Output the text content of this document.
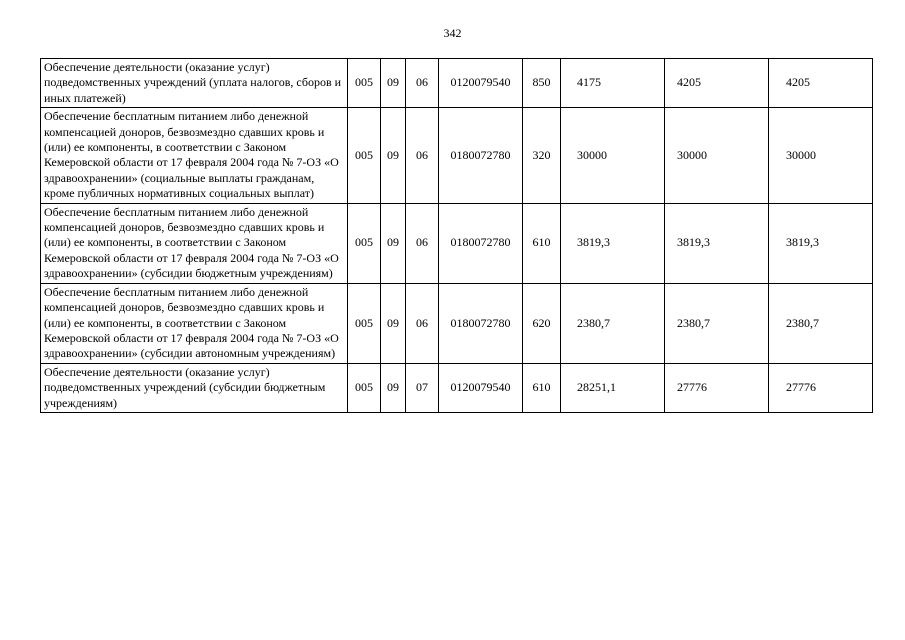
342
Обеспечение деятельности (оказание услуг) подведомственных учреждений (уплата налогов, сборов и иных платежей)	005	09	06	0120079540	850	4175	4205	4205
Обеспечение бесплатным питанием либо денежной компенсацией доноров, безвозмездно сдавших кровь и (или) ее компоненты, в соответствии с Законом Кемеровской области от 17 февраля 2004 года № 7-ОЗ «О здравоохранении» (социальные выплаты гражданам, кроме публичных нормативных социальных выплат)	005	09	06	0180072780	320	30000	30000	30000
Обеспечение бесплатным питанием либо денежной компенсацией доноров, безвозмездно сдавших кровь и (или) ее компоненты, в соответствии с Законом Кемеровской области от 17 февраля 2004 года № 7-ОЗ «О здравоохранении» (субсидии бюджетным учреждениям)	005	09	06	0180072780	610	3819,3	3819,3	3819,3
Обеспечение бесплатным питанием либо денежной компенсацией доноров, безвозмездно сдавших кровь и (или) ее компоненты, в соответствии с Законом Кемеровской области от 17 февраля 2004 года № 7-ОЗ «О здравоохранении» (субсидии автономным учреждениям)	005	09	06	0180072780	620	2380,7	2380,7	2380,7
Обеспечение деятельности (оказание услуг) подведомственных учреждений (субсидии бюджетным учреждениям)	005	09	07	0120079540	610	28251,1	27776	27776
